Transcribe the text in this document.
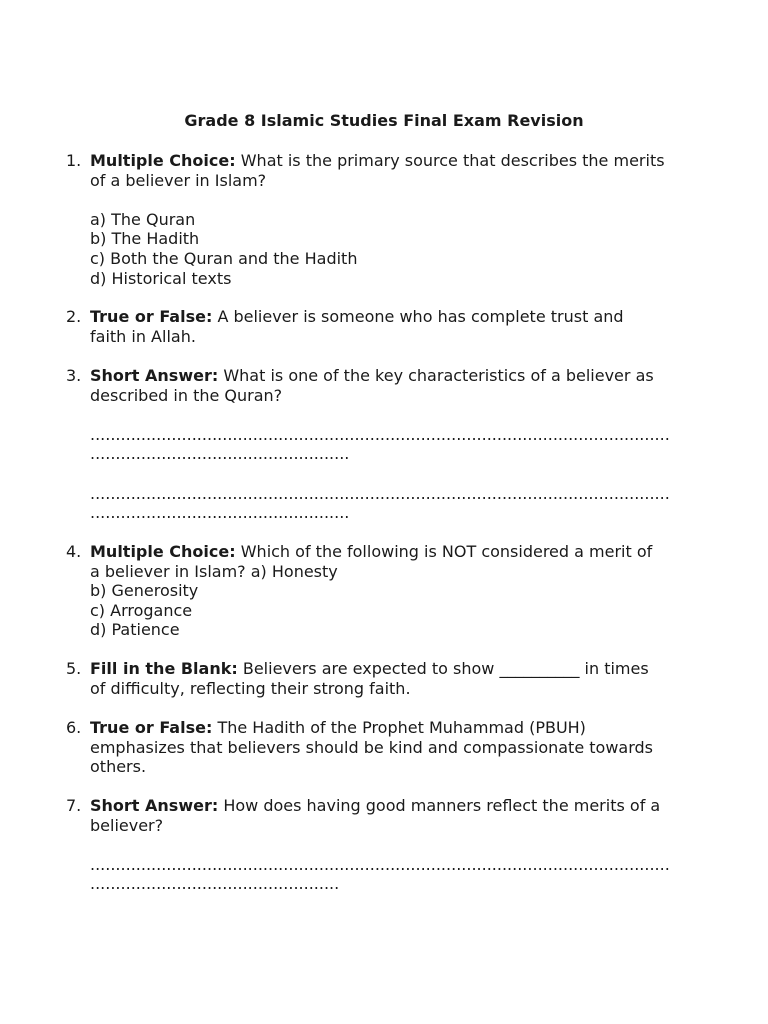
Grade 8 Islamic Studies Final Exam Revision
1. Multiple Choice: What is the primary source that describes the merits
of a believer in Islam?
a) The Quran
b) The Hadith
c) Both the Quran and the Hadith
d) Historical texts
2. True or False: A believer is someone who has complete trust and
faith in Allah.
3. Short Answer: What is one of the key characteristics of a believer as
described in the Quran?
..................................................................................................................
...................................................
..................................................................................................................
...................................................
4. Multiple Choice: Which of the following is NOT considered a merit of
a believer in Islam? a) Honesty
b) Generosity
c) Arrogance
d) Patience
5. Fill in the Blank: Believers are expected to show __________ in times
of difficulty, reflecting their strong faith.
6. True or False: The Hadith of the Prophet Muhammad (PBUH)
emphasizes that believers should be kind and compassionate towards
others.
7. Short Answer: How does having good manners reflect the merits of a
believer?
..................................................................................................................
.................................................
